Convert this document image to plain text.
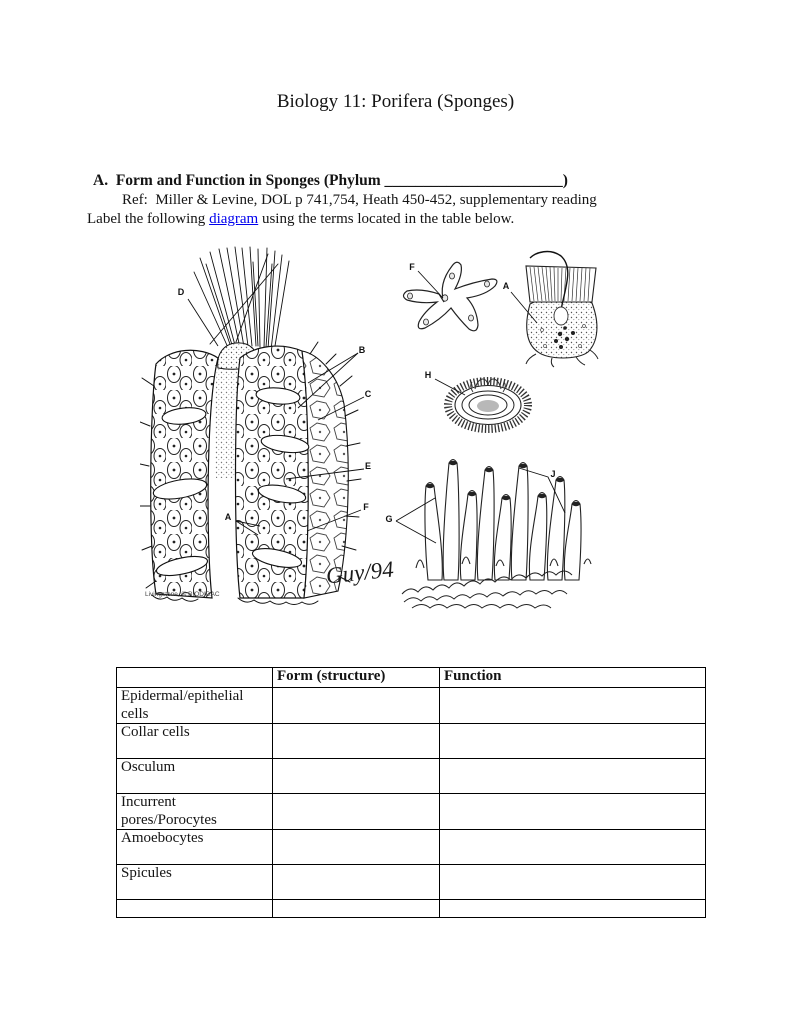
Biology 11: Porifera (Sponges)
A.  Form and Function in Sponges (Phylum _______________________)
Ref:  Miller & Levine, DOL p 741,754, Heath 450-452, supplementary reading
Label the following diagram using the terms located in the table below.
D
B
C
E
F
A	G
F
A
H
J
Guy/94
Livingstone, © BIODIDAC
	Form (structure)	Function
Epidermal/epithelial cells		
Collar cells		
Osculum		
Incurrent pores/Porocytes		
Amoebocytes		
Spicules		
